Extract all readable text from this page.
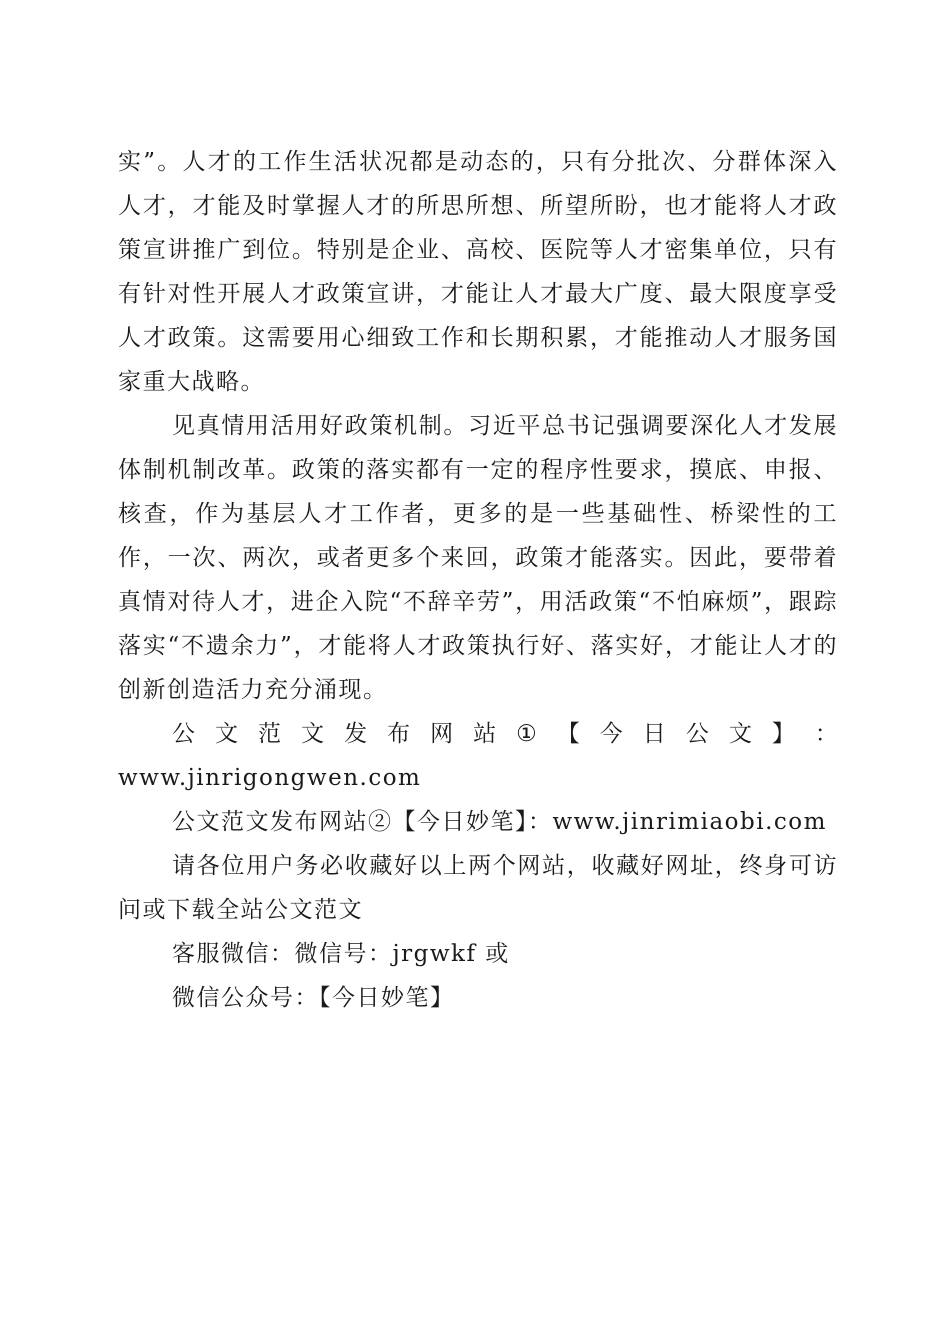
实”。人才的工作生活状况都是动态的，只有分批次、分群体深入人才，才能及时掌握人才的所思所想、所望所盼，也才能将人才政策宣讲推广到位。特别是企业、高校、医院等人才密集单位，只有有针对性开展人才政策宣讲，才能让人才最大广度、最大限度享受人才政策。这需要用心细致工作和长期积累，才能推动人才服务国家重大战略。

见真情用活用好政策机制。习近平总书记强调要深化人才发展体制机制改革。政策的落实都有一定的程序性要求，摸底、申报、核查，作为基层人才工作者，更多的是一些基础性、桥梁性的工作，一次、两次，或者更多个来回，政策才能落实。因此，要带着真情对待人才，进企入院“不辞辛劳”，用活政策“不怕麻烦”，跟踪落实“不遗余力”，才能将人才政策执行好、落实好，才能让人才的创新创造活力充分涌现。

公 文 范 文 发 布 网 站 ① 【 今 日 公 文 】 ：

www.jinrigongwen.com

公文范文发布网站②【今日妙笔】：www.jinrimiaobi.com

请各位用户务必收藏好以上两个网站，收藏好网址，终身可访问或下载全站公文范文

客服微信：微信号：jrgwkf 或

微信公众号：【今日妙笔】
